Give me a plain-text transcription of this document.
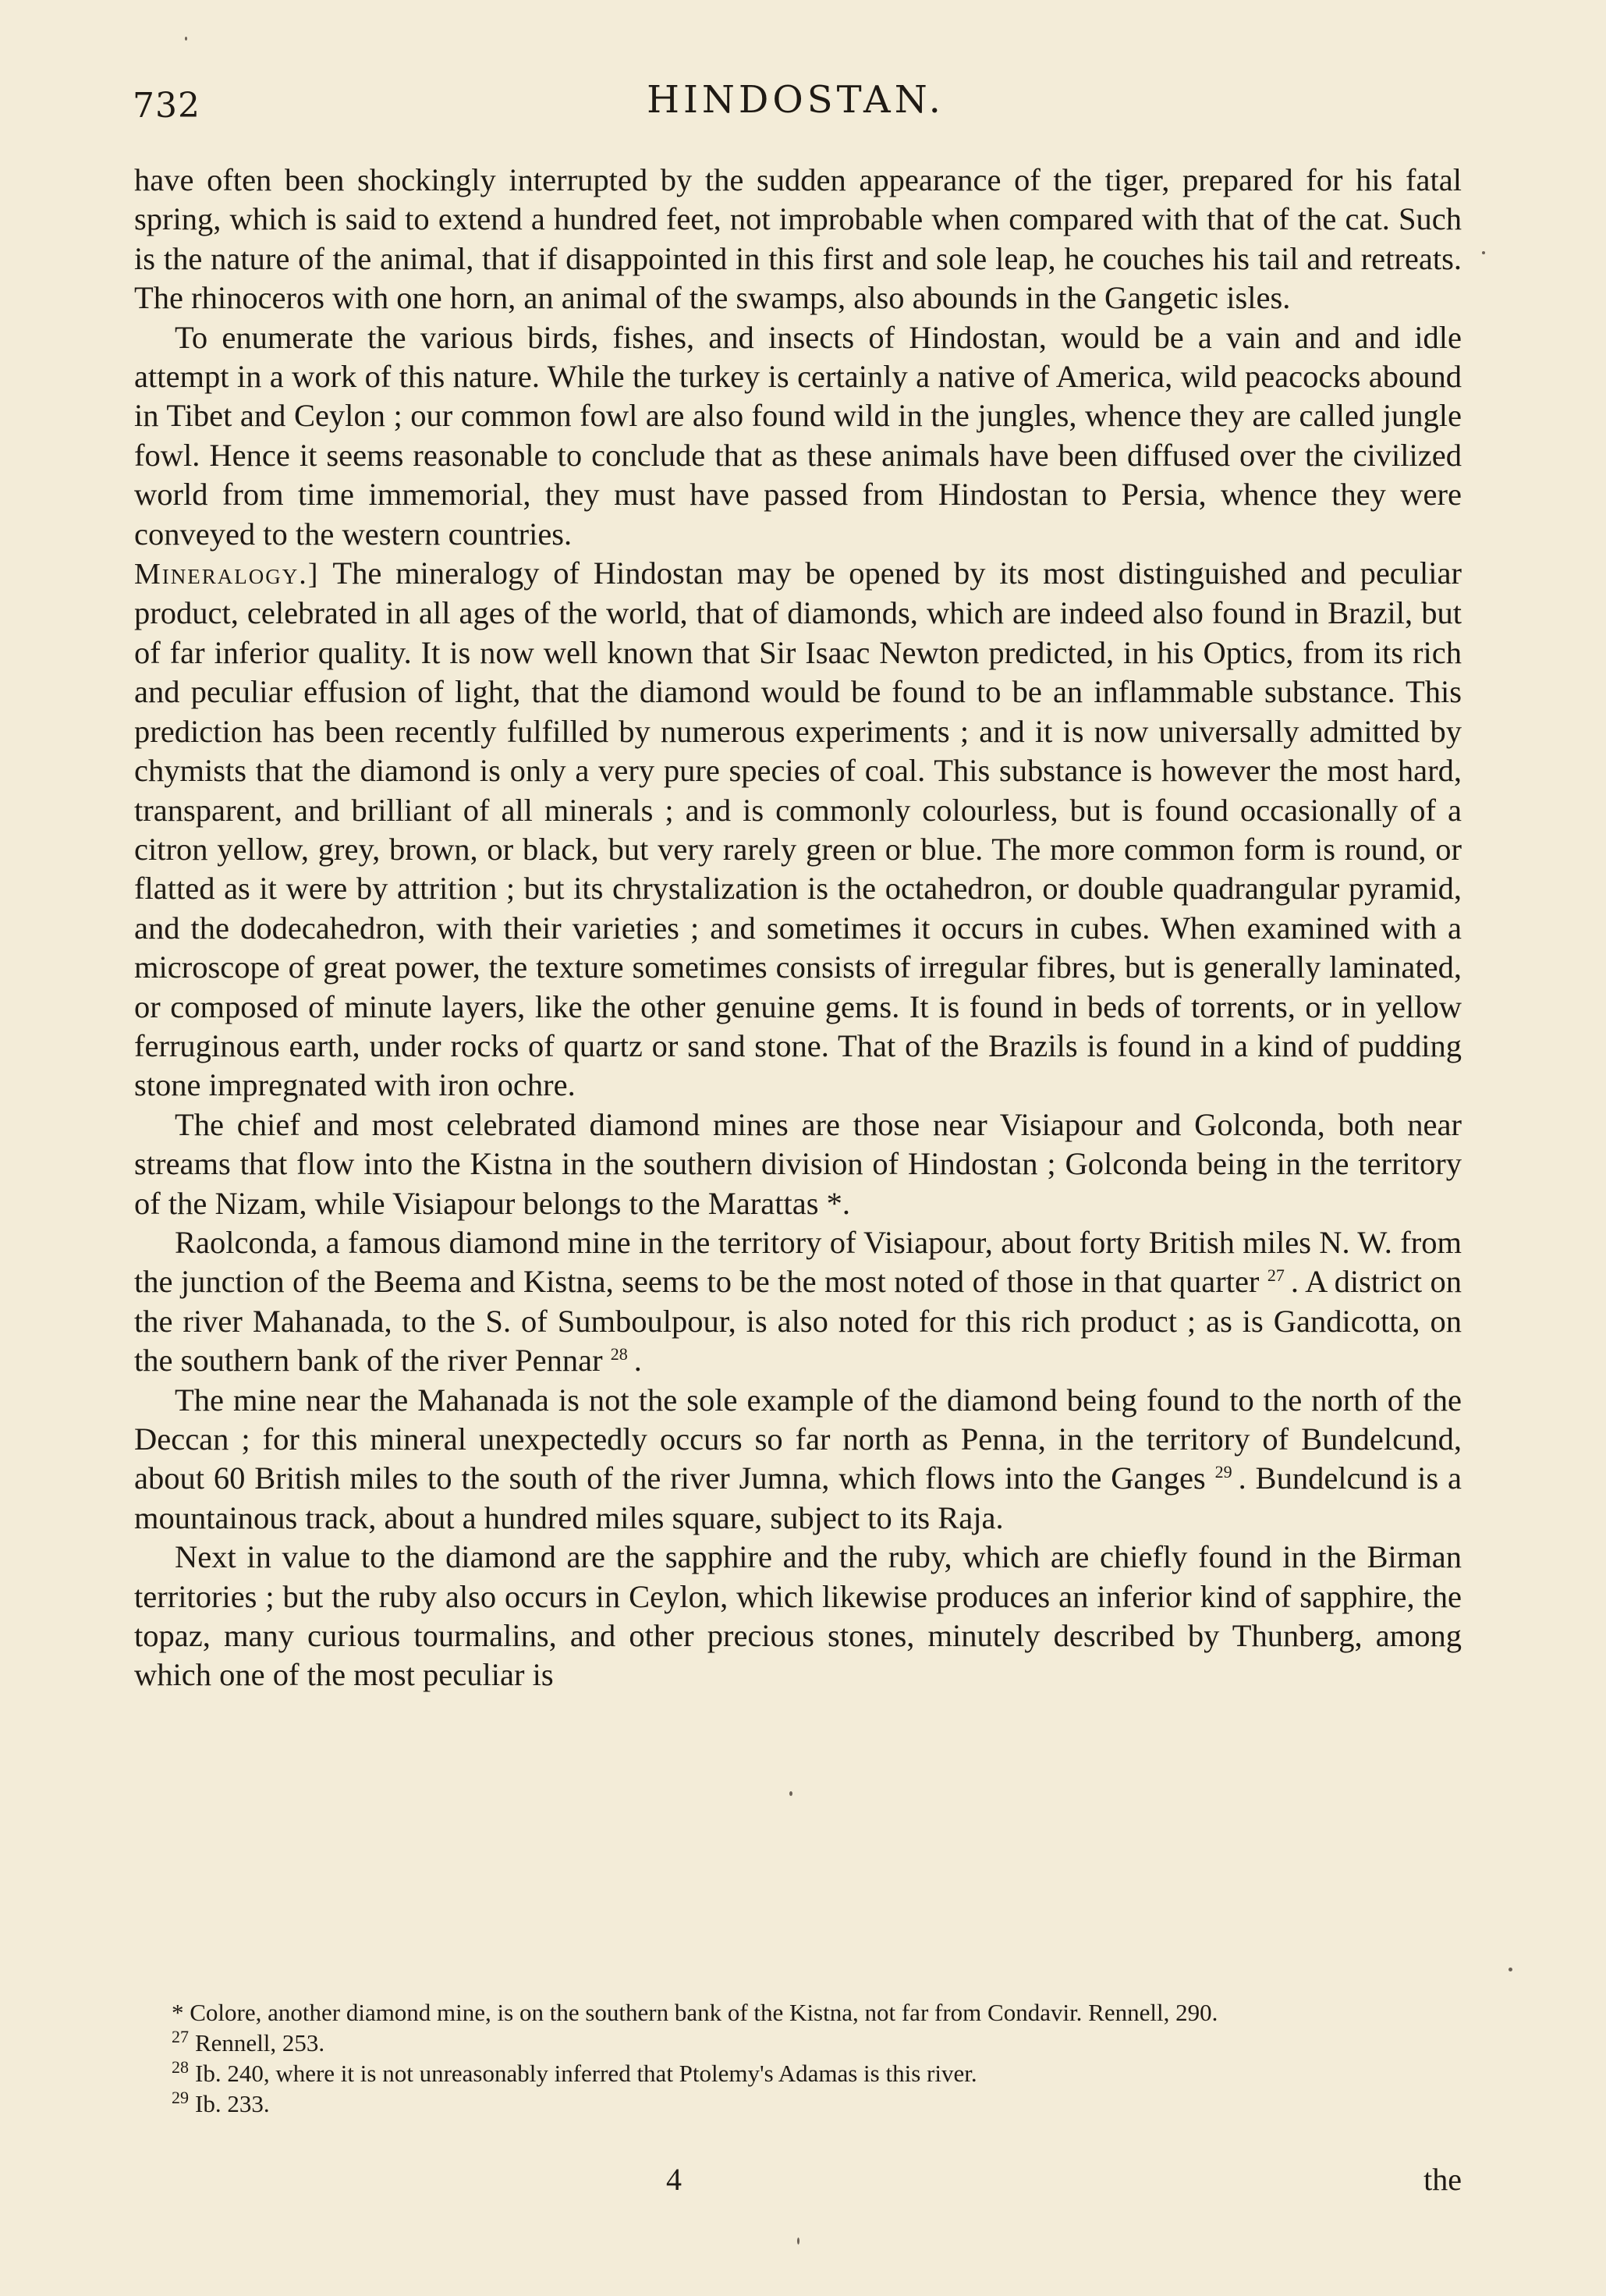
732	HINDOSTAN.

have often been shockingly interrupted by the sudden appearance of the tiger, prepared for his fatal spring, which is said to extend a hundred feet, not improbable when compared with that of the cat. Such is the nature of the animal, that if disappointed in this first and sole leap, he couches his tail and retreats. The rhinoceros with one horn, an animal of the swamps, also abounds in the Gangetic isles.

To enumerate the various birds, fishes, and insects of Hindostan, would be a vain and and idle attempt in a work of this nature. While the turkey is certainly a native of America, wild peacocks abound in Tibet and Ceylon ; our common fowl are also found wild in the jungles, whence they are called jungle fowl. Hence it seems reasonable to conclude that as these animals have been diffused over the civilized world from time immemorial, they must have passed from Hindostan to Persia, whence they were conveyed to the western countries.

Mineralogy.] The mineralogy of Hindostan may be opened by its most distinguished and peculiar product, celebrated in all ages of the world, that of diamonds, which are indeed also found in Brazil, but of far inferior quality. It is now well known that Sir Isaac Newton predicted, in his Optics, from its rich and peculiar effusion of light, that the diamond would be found to be an inflammable substance. This prediction has been recently fulfilled by numerous experiments ; and it is now universally admitted by chymists that the diamond is only a very pure species of coal. This substance is however the most hard, transparent, and brilliant of all minerals ; and is commonly colourless, but is found occasionally of a citron yellow, grey, brown, or black, but very rarely green or blue. The more common form is round, or flatted as it were by attrition ; but its chrystalization is the octahedron, or double quadrangular pyramid, and the dodecahedron, with their varieties ; and sometimes it occurs in cubes. When examined with a microscope of great power, the texture sometimes consists of irregular fibres, but is generally laminated, or composed of minute layers, like the other genuine gems. It is found in beds of torrents, or in yellow ferruginous earth, under rocks of quartz or sand stone. That of the Brazils is found in a kind of pudding stone impregnated with iron ochre.

The chief and most celebrated diamond mines are those near Visiapour and Golconda, both near streams that flow into the Kistna in the southern division of Hindostan ; Golconda being in the territory of the Nizam, while Visiapour belongs to the Marattas *.

Raolconda, a famous diamond mine in the territory of Visiapour, about forty British miles N. W. from the junction of the Beema and Kistna, seems to be the most noted of those in that quarter $^{27}$ . A district on the river Mahanada, to the S. of Sumboulpour, is also noted for this rich product ; as is Gandicotta, on the southern bank of the river Pennar $^{28}$ .

The mine near the Mahanada is not the sole example of the diamond being found to the north of the Deccan ; for this mineral unexpectedly occurs so far north as Penna, in the territory of Bundelcund, about 60 British miles to the south of the river Jumna, which flows into the Ganges $^{29}$ . Bundelcund is a mountainous track, about a hundred miles square, subject to its Raja.

Next in value to the diamond are the sapphire and the ruby, which are chiefly found in the Birman territories ; but the ruby also occurs in Ceylon, which likewise produces an inferior kind of sapphire, the topaz, many curious tourmalins, and other precious stones, minutely described by Thunberg, among which one of the most peculiar is

* Colore, another diamond mine, is on the southern bank of the Kistna, not far from Condavir. Rennell, 290.

$^{27}$ Rennell, 253.

$^{28}$ Ib. 240, where it is not unreasonably inferred that Ptolemy's Adamas is this river.

$^{29}$ Ib. 233.

4	the
